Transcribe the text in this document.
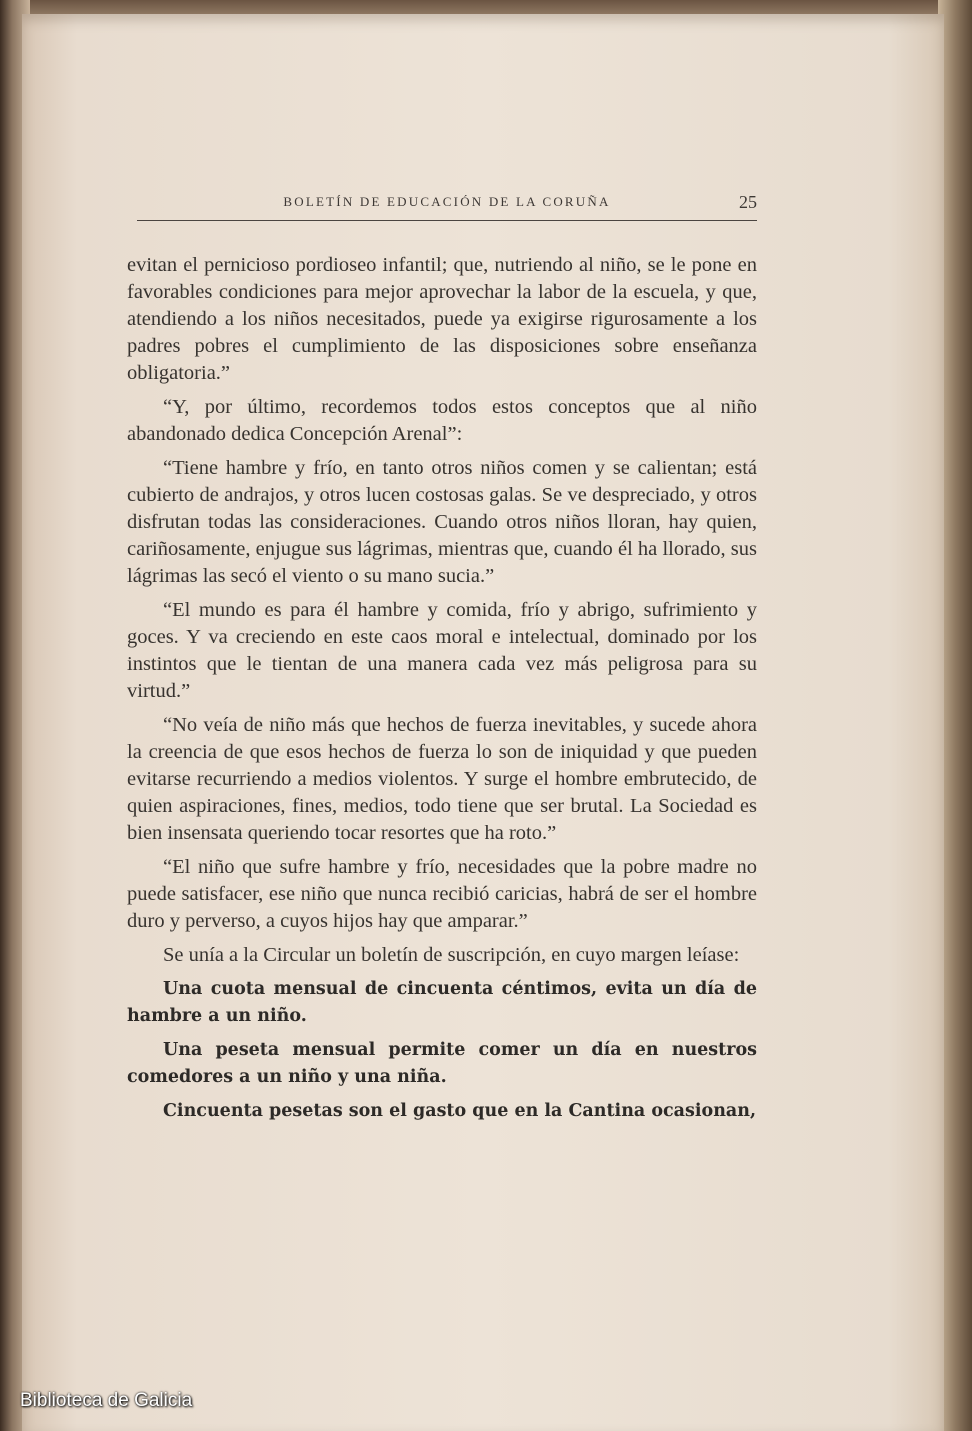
BOLETÍN DE EDUCACIÓN DE LA CORUÑA	25

evitan el pernicioso pordioseo infantil; que, nutriendo al niño, se le pone en favorables condiciones para mejor aprovechar la labor de la escuela, y que, atendiendo a los niños necesitados, puede ya exigirse rigurosamente a los padres pobres el cumplimiento de las disposiciones sobre enseñanza obligatoria.”

“Y, por último, recordemos todos estos conceptos que al niño abandonado dedica Concepción Arenal”:

“Tiene hambre y frío, en tanto otros niños comen y se calientan; está cubierto de andrajos, y otros lucen costosas galas. Se ve despreciado, y otros disfrutan todas las consideraciones. Cuando otros niños lloran, hay quien, cariñosamente, enjugue sus lágrimas, mientras que, cuando él ha llorado, sus lágrimas las secó el viento o su mano sucia.”

“El mundo es para él hambre y comida, frío y abrigo, sufrimiento y goces. Y va creciendo en este caos moral e intelectual, dominado por los instintos que le tientan de una manera cada vez más peligrosa para su virtud.”

“No veía de niño más que hechos de fuerza inevitables, y sucede ahora la creencia de que esos hechos de fuerza lo son de iniquidad y que pueden evitarse recurriendo a medios violentos. Y surge el hombre embrutecido, de quien aspiraciones, fines, medios, todo tiene que ser brutal. La Sociedad es bien insensata queriendo tocar resortes que ha roto.”

“El niño que sufre hambre y frío, necesidades que la pobre madre no puede satisfacer, ese niño que nunca recibió caricias, habrá de ser el hombre duro y perverso, a cuyos hijos hay que amparar.”

Se unía a la Circular un boletín de suscripción, en cuyo margen leíase:

Una cuota mensual de cincuenta céntimos, evita un día de hambre a un niño.

Una peseta mensual permite comer un día en nuestros comedores a un niño y una niña.

Cincuenta pesetas son el gasto que en la Cantina ocasionan,

Biblioteca de Galicia
